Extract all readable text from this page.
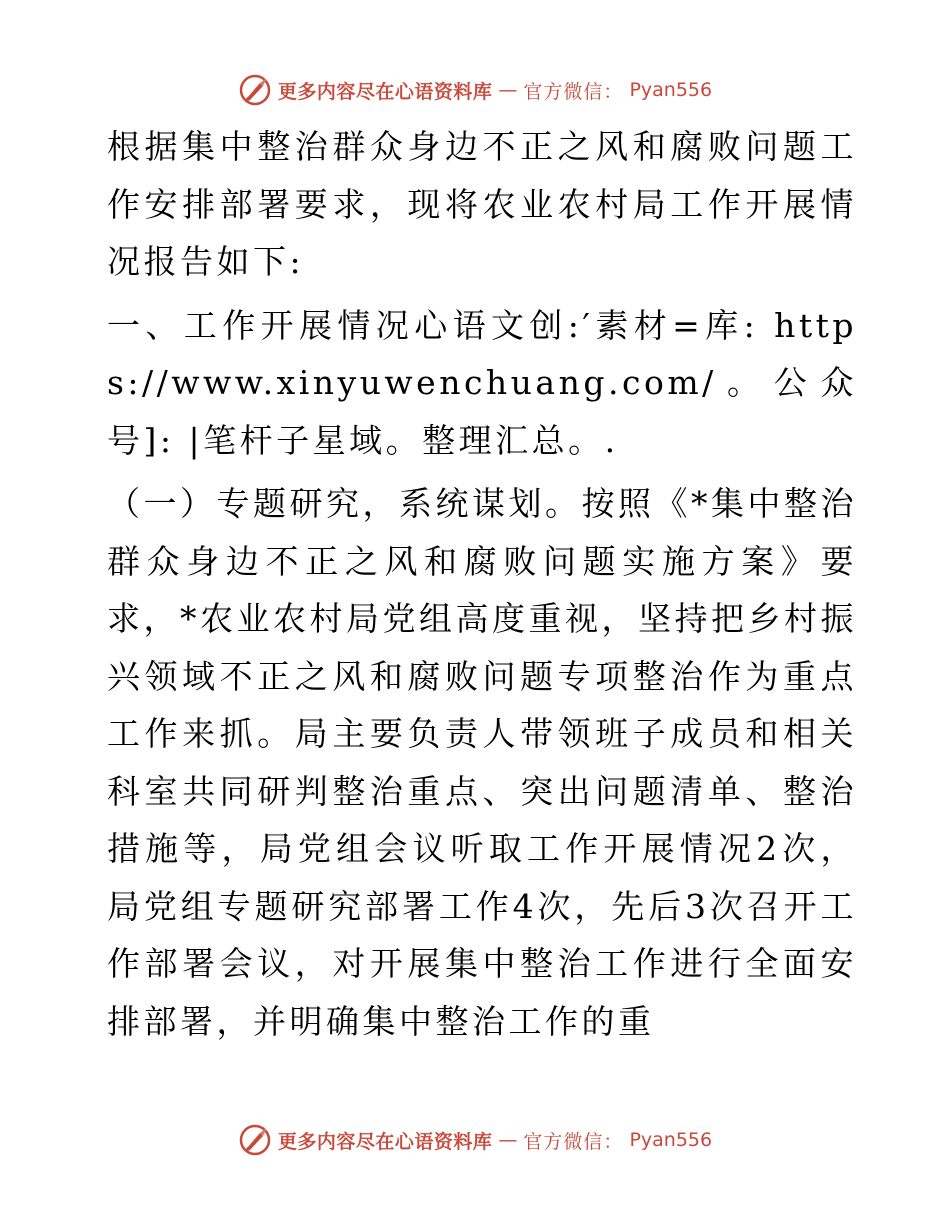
更多内容尽在心语资料库 — 官方微信： Pyan556

根据集中整治群众身边不正之风和腐败问题工作安排部署要求，现将农业农村局工作开展情况报告如下:

一、工作开展情况心语文创:′素材=库: https://www.xinyuwenchuang.com/。公众号]: |笔杆子星域。整理汇总。.

（一）专题研究，系统谋划。按照《*集中整治群众身边不正之风和腐败问题实施方案》要求，*农业农村局党组高度重视，坚持把乡村振兴领域不正之风和腐败问题专项整治作为重点工作来抓。局主要负责人带领班子成员和相关科室共同研判整治重点、突出问题清单、整治措施等，局党组会议听取工作开展情况2次，局党组专题研究部署工作4次，先后3次召开工作部署会议，对开展集中整治工作进行全面安排部署，并明确集中整治工作的重

更多内容尽在心语资料库 — 官方微信： Pyan556
